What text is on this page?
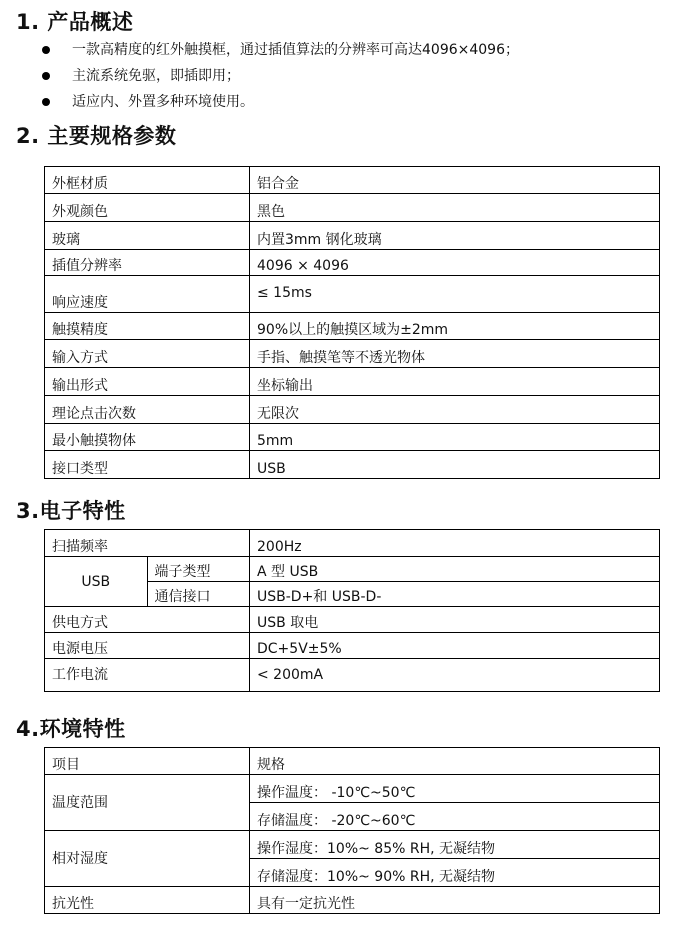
1. 产品概述
一款高精度的红外触摸框，通过插值算法的分辨率可高达4096×4096；
主流系统免驱，即插即用；
适应内、外置多种环境使用。
2. 主要规格参数
外框材质	铝合金
外观颜色	黑色
玻璃	内置3mm 钢化玻璃
插值分辨率	4096 × 4096
响应速度	≤ 15ms
触摸精度	90%以上的触摸区域为±2mm
输入方式	手指、触摸笔等不透光物体
输出形式	坐标输出
理论点击次数	无限次
最小触摸物体	5mm
接口类型	USB
3.电子特性
扫描频率		200Hz
USB	端子类型	A 型 USB
	通信接口	USB-D+和 USB-D-
供电方式		USB 取电
电源电压		DC+5V±5%
工作电流		< 200mA
4.环境特性
项目	规格
温度范围	操作温度： -10℃~50℃
	存储温度： -20℃~60℃
相对湿度	操作湿度：10%~ 85% RH, 无凝结物
	存储湿度：10%~ 90% RH, 无凝结物
抗光性	具有一定抗光性
